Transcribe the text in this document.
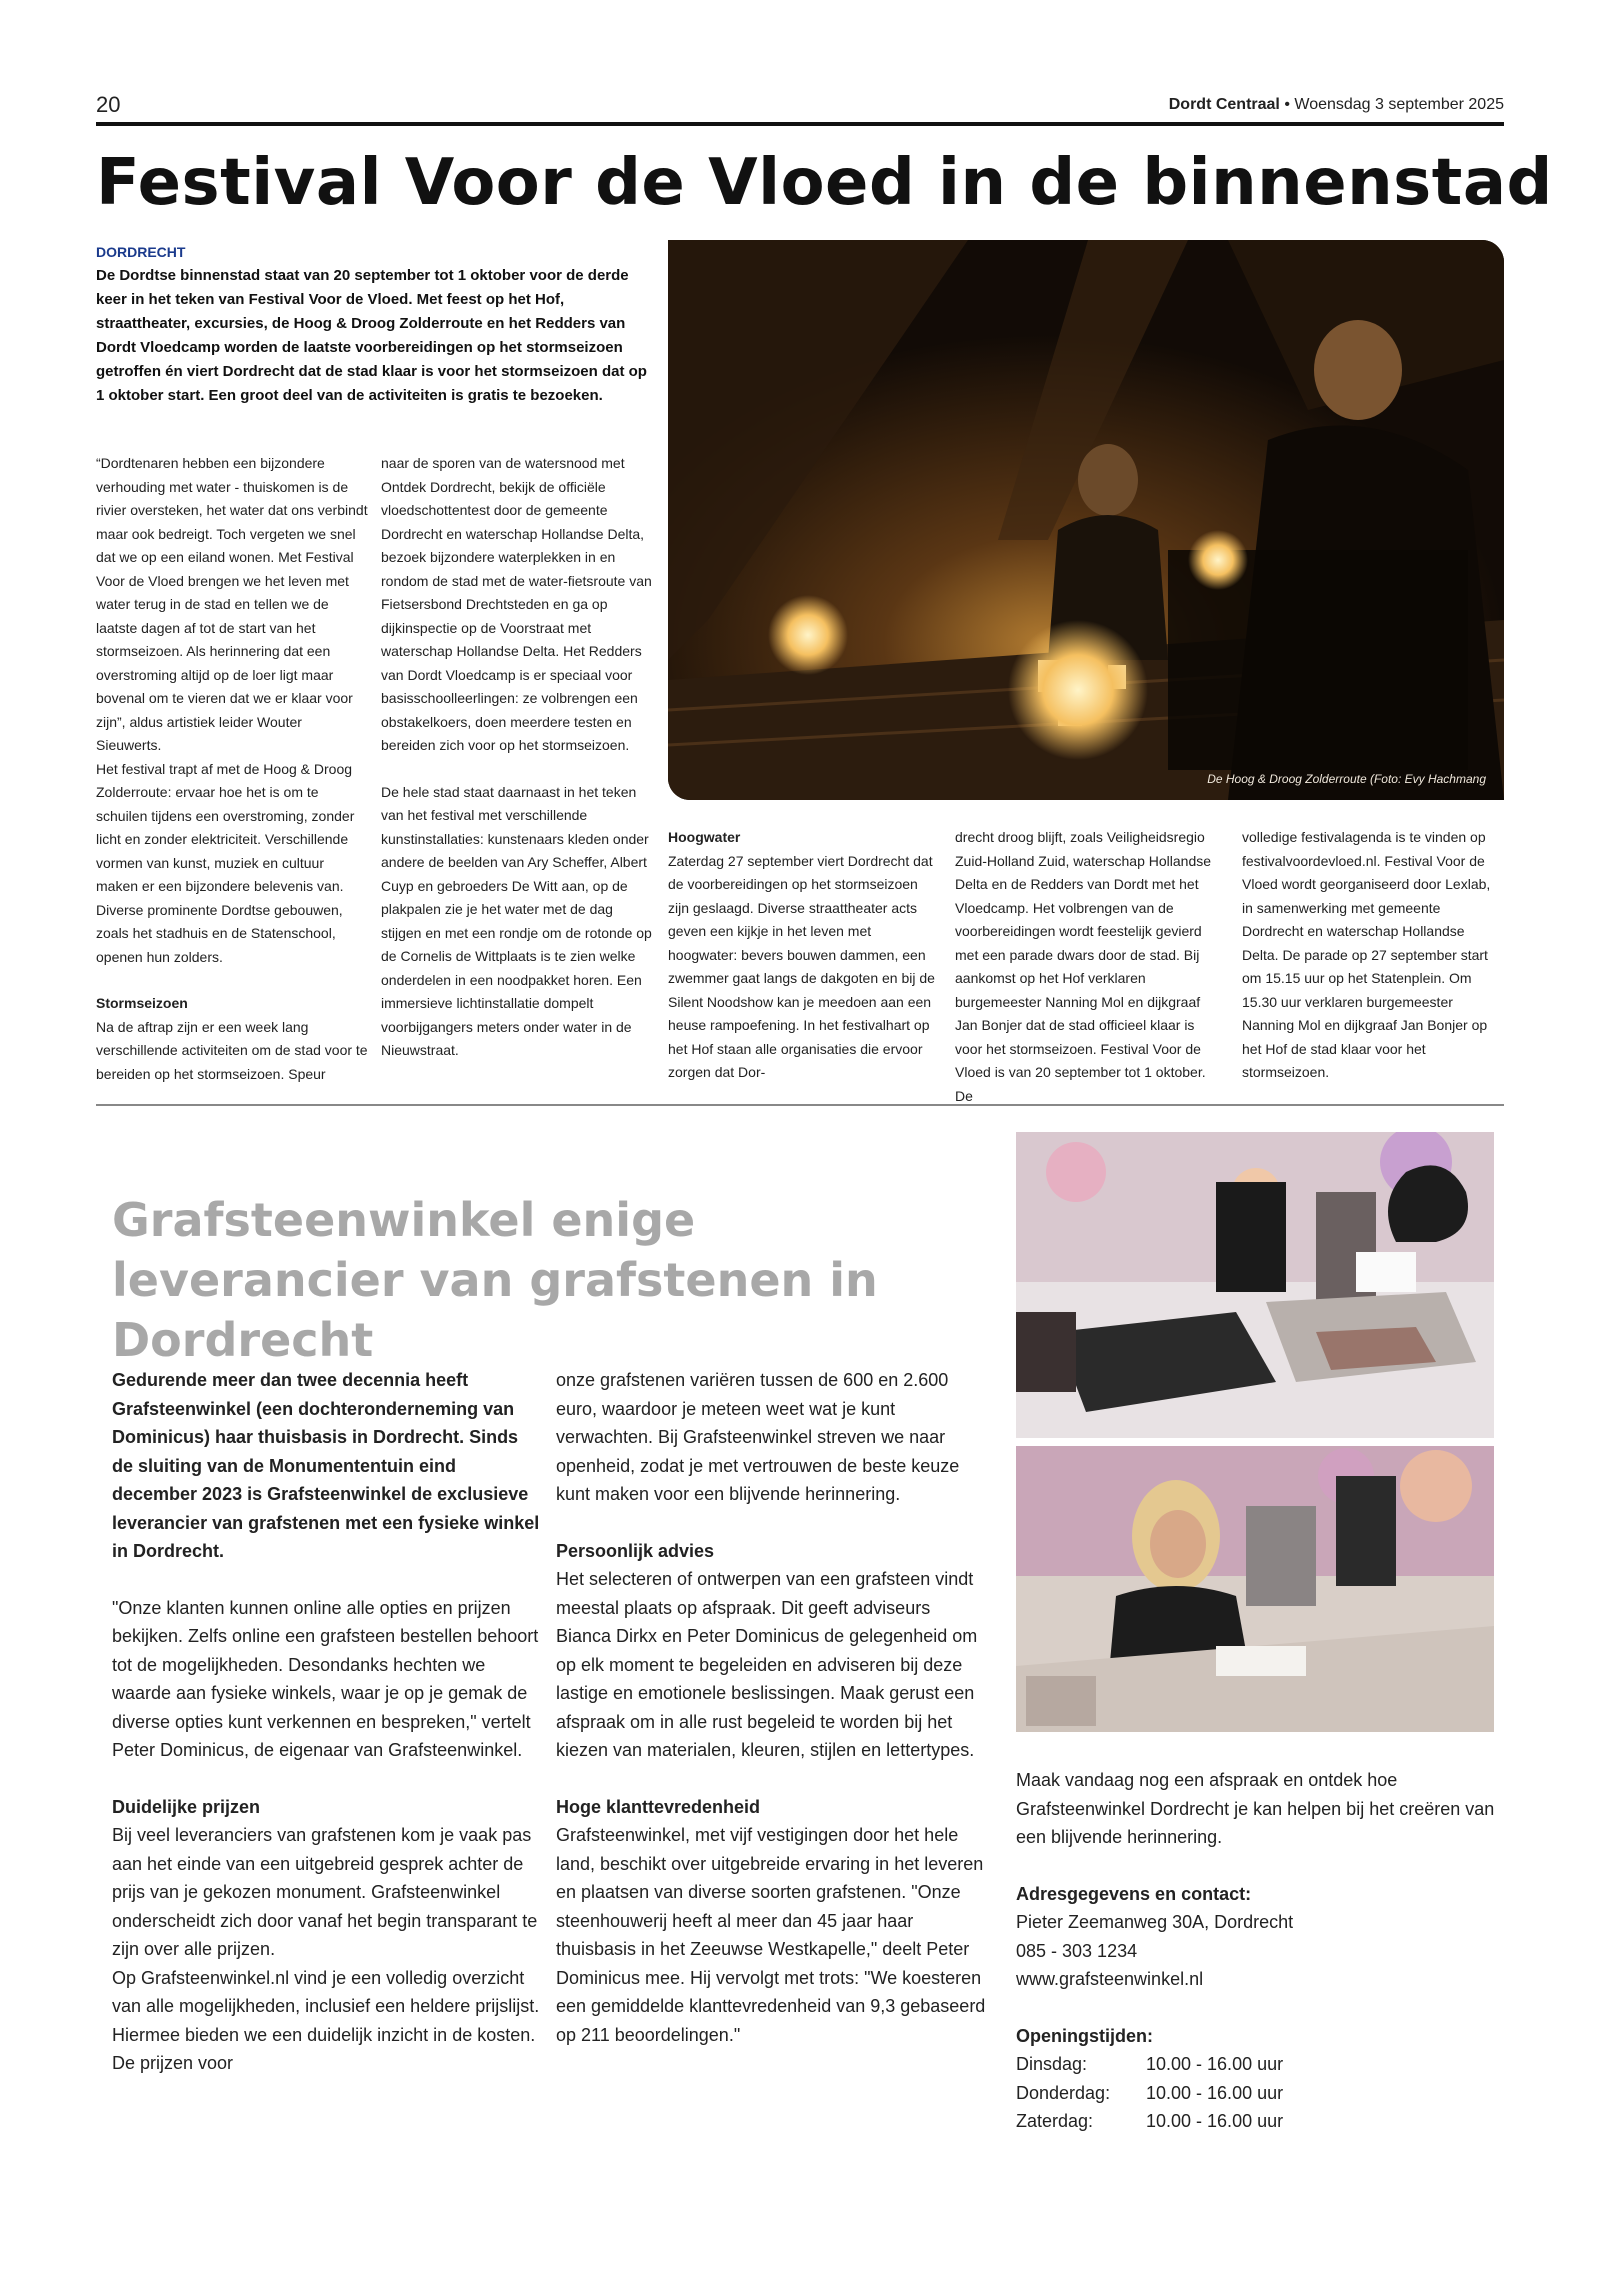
20	Dordt Centraal • Woensdag 3 september 2025
Festival Voor de Vloed in de binnenstad
DORDRECHT
De Dordtse binnenstad staat van 20 september tot 1 oktober voor de derde keer in het teken van Festival Voor de Vloed. Met feest op het Hof, straattheater, excursies, de Hoog & Droog Zolderroute en het Redders van Dordt Vloedcamp worden de laatste voorbereidingen op het stormseizoen getroffen én viert Dordrecht dat de stad klaar is voor het stormseizoen dat op 1 oktober start. Een groot deel van de activiteiten is gratis te bezoeken.

“Dordtenaren hebben een bijzondere verhouding met water - thuiskomen is de rivier oversteken, het water dat ons verbindt maar ook bedreigt. Toch vergeten we snel dat we op een eiland wonen. Met Festival Voor de Vloed brengen we het leven met water terug in de stad en tellen we de laatste dagen af tot de start van het stormseizoen. Als herinnering dat een overstroming altijd op de loer ligt maar bovenal om te vieren dat we er klaar voor zijn”, aldus artistiek leider Wouter Sieuwerts.

Het festival trapt af met de Hoog & Droog Zolderroute: ervaar hoe het is om te schuilen tijdens een overstroming, zonder licht en zonder elektriciteit. Verschillende vormen van kunst, muziek en cultuur maken er een bijzondere belevenis van. Diverse prominente Dordtse gebouwen, zoals het stadhuis en de Statenschool, openen hun zolders.

Stormseizoen

Na de aftrap zijn er een week lang verschillende activiteiten om de stad voor te bereiden op het stormseizoen. Speur

naar de sporen van de watersnood met Ontdek Dordrecht, bekijk de officiële vloedschottentest door de gemeente Dordrecht en waterschap Hollandse Delta, bezoek bijzondere waterplekken in en rondom de stad met de water-fietsroute van Fietsersbond Drechtsteden en ga op dijkinspectie op de Voorstraat met waterschap Hollandse Delta. Het Redders van Dordt Vloedcamp is er speciaal voor basisschoolleerlingen: ze volbrengen een obstakelkoers, doen meerdere testen en bereiden zich voor op het stormseizoen.

De hele stad staat daarnaast in het teken van het festival met verschillende kunstinstallaties: kunstenaars kleden onder andere de beelden van Ary Scheffer, Albert Cuyp en gebroeders De Witt aan, op de plakpalen zie je het water met de dag stijgen en met een rondje om de rotonde op de Cornelis de Wittplaats is te zien welke onderdelen in een noodpakket horen. Een immersieve lichtinstallatie dompelt voorbijgangers meters onder water in de Nieuwstraat.

De Hoog & Droog Zolderroute (Foto: Evy Hachmang

Hoogwater

Zaterdag 27 september viert Dordrecht dat de voorbereidingen op het stormseizoen zijn geslaagd. Diverse straattheater acts geven een kijkje in het leven met hoogwater: bevers bouwen dammen, een zwemmer gaat langs de dakgoten en bij de Silent Noodshow kan je meedoen aan een heuse rampoefening. In het festivalhart op het Hof staan alle organisaties die ervoor zorgen dat Dor-

drecht droog blijft, zoals Veiligheidsregio Zuid-Holland Zuid, waterschap Hollandse Delta en de Redders van Dordt met het Vloedcamp. Het volbrengen van de voorbereidingen wordt feestelijk gevierd met een parade dwars door de stad. Bij aankomst op het Hof verklaren burgemeester Nanning Mol en dijkgraaf Jan Bonjer dat de stad officieel klaar is voor het stormseizoen. Festival Voor de Vloed is van 20 september tot 1 oktober. De

volledige festivalagenda is te vinden op festivalvoordevloed.nl. Festival Voor de Vloed wordt georganiseerd door Lexlab, in samenwerking met gemeente Dordrecht en waterschap Hollandse Delta. De parade op 27 september start om 15.15 uur op het Statenplein. Om 15.30 uur verklaren burgemeester Nanning Mol en dijkgraaf Jan Bonjer op het Hof de stad klaar voor het stormseizoen.

Grafsteenwinkel enige leverancier van grafstenen in Dordrecht

Gedurende meer dan twee decennia heeft Grafsteenwinkel (een dochteronderneming van Dominicus) haar thuisbasis in Dordrecht. Sinds de sluiting van de Monumententuin eind december 2023 is Grafsteenwinkel de exclusieve leverancier van grafstenen met een fysieke winkel in Dordrecht.

"Onze klanten kunnen online alle opties en prijzen bekijken. Zelfs online een grafsteen bestellen behoort tot de mogelijkheden. Desondanks hechten we waarde aan fysieke winkels, waar je op je gemak de diverse opties kunt verkennen en bespreken," vertelt Peter Dominicus, de eigenaar van Grafsteenwinkel.

Duidelijke prijzen

Bij veel leveranciers van grafstenen kom je vaak pas aan het einde van een uitgebreid gesprek achter de prijs van je gekozen monument. Grafsteenwinkel onderscheidt zich door vanaf het begin transparant te zijn over alle prijzen.

Op Grafsteenwinkel.nl vind je een volledig overzicht van alle mogelijkheden, inclusief een heldere prijslijst. Hiermee bieden we een duidelijk inzicht in de kosten. De prijzen voor

onze grafstenen variëren tussen de 600 en 2.600 euro, waardoor je meteen weet wat je kunt verwachten. Bij Grafsteenwinkel streven we naar openheid, zodat je met vertrouwen de beste keuze kunt maken voor een blijvende herinnering.

Persoonlijk advies

Het selecteren of ontwerpen van een grafsteen vindt meestal plaats op afspraak. Dit geeft adviseurs Bianca Dirkx en Peter Dominicus de gelegenheid om op elk moment te begeleiden en adviseren bij deze lastige en emotionele beslissingen. Maak gerust een afspraak om in alle rust begeleid te worden bij het kiezen van materialen, kleuren, stijlen en lettertypes.

Hoge klanttevredenheid

Grafsteenwinkel, met vijf vestigingen door het hele land, beschikt over uitgebreide ervaring in het leveren en plaatsen van diverse soorten grafstenen. "Onze steenhouwerij heeft al meer dan 45 jaar haar thuisbasis in het Zeeuwse Westkapelle," deelt Peter Dominicus mee. Hij vervolgt met trots: "We koesteren een gemiddelde klanttevredenheid van 9,3 gebaseerd op 211 beoordelingen."

Maak vandaag nog een afspraak en ontdek hoe Grafsteenwinkel Dordrecht je kan helpen bij het creëren van een blijvende herinnering.

Adresgegevens en contact:

Pieter Zeemanweg 30A, Dordrecht

085 - 303 1234

www.grafsteenwinkel.nl

Openingstijden:

Dinsdag:	10.00 - 16.00 uur
Donderdag:	10.00 - 16.00 uur
Zaterdag:	10.00 - 16.00 uur
